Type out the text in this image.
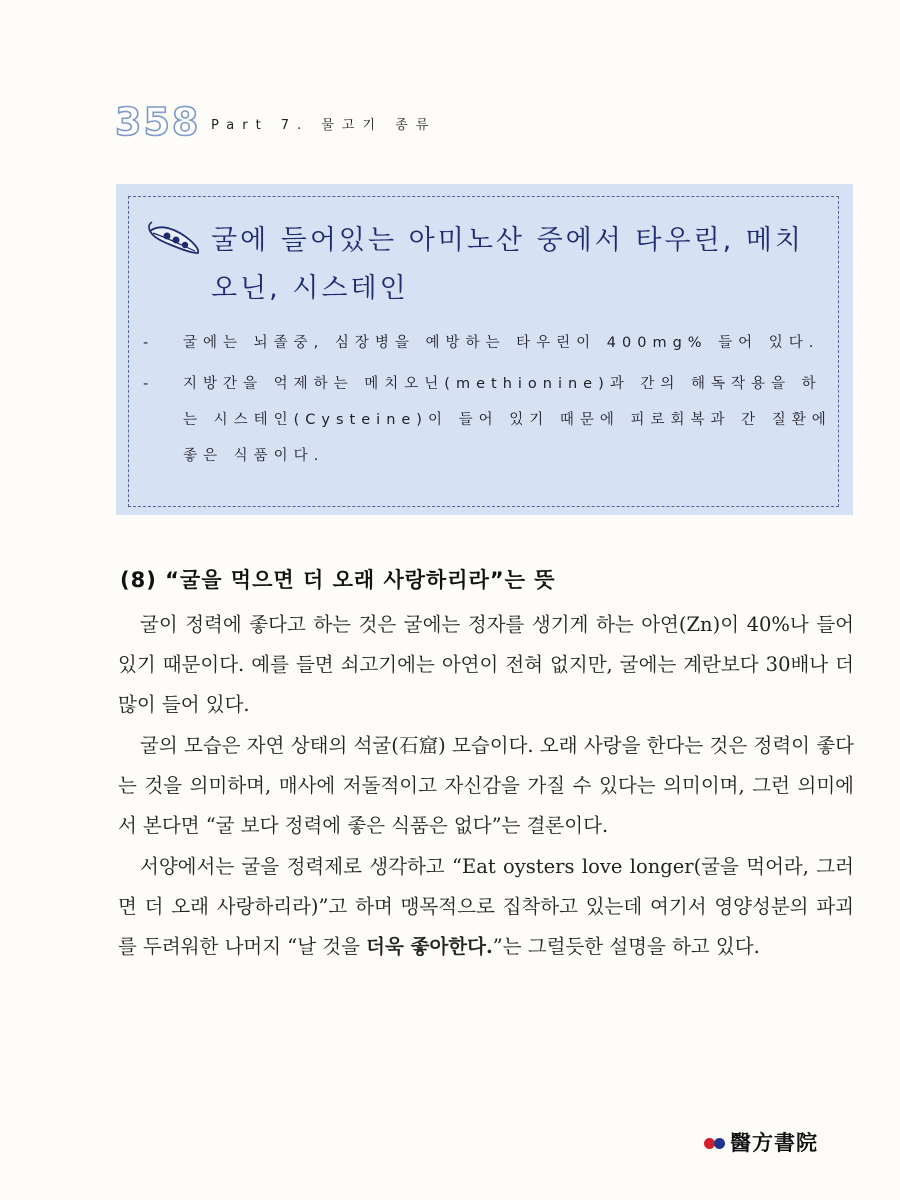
358 Part 7. 물고기 종류
굴에 들어있는 아미노산 중에서 타우린, 메치오닌, 시스테인
- 굴에는 뇌졸중, 심장병을 예방하는 타우린이 400mg% 들어 있다.
- 지방간을 억제하는 메치오닌(methionine)과 간의 해독작용을 하는 시스테인(Cysteine)이 들어 있기 때문에 피로회복과 간 질환에 좋은 식품이다.
(8) “굴을 먹으면 더 오래 사랑하리라”는 뜻

굴이 정력에 좋다고 하는 것은 굴에는 정자를 생기게 하는 아연(Zn)이 40%나 들어 있기 때문이다. 예를 들면 쇠고기에는 아연이 전혀 없지만, 굴에는 계란보다 30배나 더 많이 들어 있다.

굴의 모습은 자연 상태의 석굴(石窟) 모습이다. 오래 사랑을 한다는 것은 정력이 좋다는 것을 의미하며, 매사에 저돌적이고 자신감을 가질 수 있다는 의미이며, 그런 의미에서 본다면 “굴 보다 정력에 좋은 식품은 없다”는 결론이다.

서양에서는 굴을 정력제로 생각하고 “Eat oysters love longer(굴을 먹어라, 그러면 더 오래 사랑하리라)”고 하며 맹목적으로 집착하고 있는데 여기서 영양성분의 파괴를 두려워한 나머지 “날 것을 더욱 좋아한다.”는 그럴듯한 설명을 하고 있다.

醫方書院
